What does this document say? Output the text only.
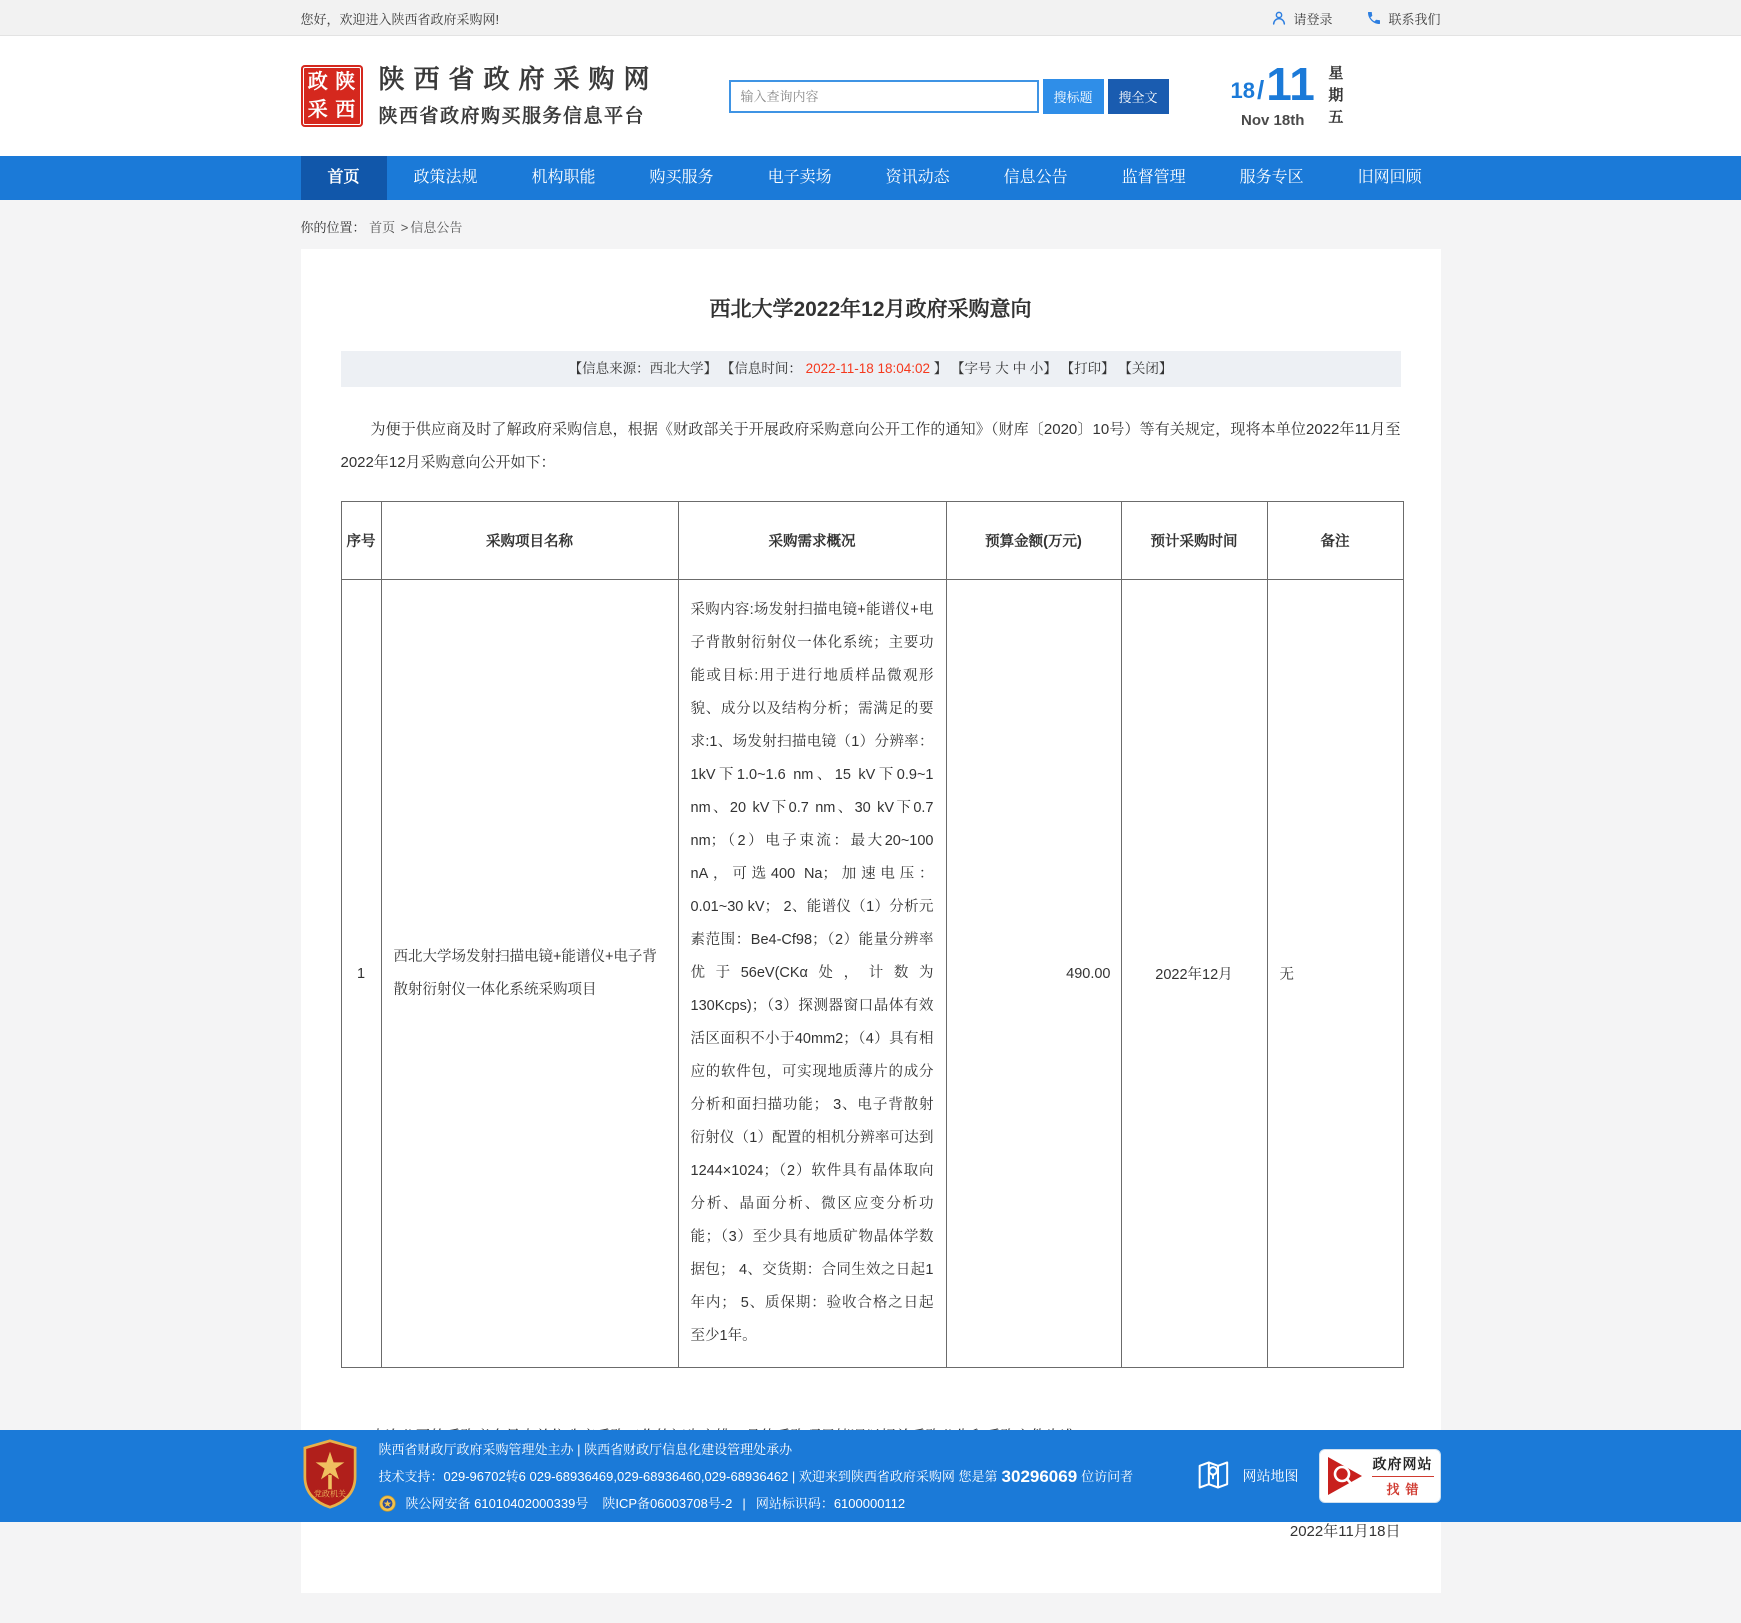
您好，欢迎进入陕西省政府采购网!	请登录	联系我们
政 陕
采 西
陕西省政府采购网
陕西省政府购买服务信息平台
输入查询内容
搜标题	搜全文	18 / 11
Nov 18th
星期五
首页	政策法规	机构职能	购买服务	电子卖场	资讯动态	信息公告	监督管理	服务专区	旧网回顾
你的位置： 首页 > 信息公告
西北大学2022年12月政府采购意向
【信息来源：西北大学】 【信息时间： 2022-11-18 18:04:02 】 【字号 大 中 小】 【打印】 【关闭】

为便于供应商及时了解政府采购信息，根据《财政部关于开展政府采购意向公开工作的通知》（财库〔2020〕10号）等有关规定，现将本单位2022年11月至2022年12月采购意向公开如下：

序号	采购项目名称	采购需求概况	预算金额(万元)	预计采购时间	备注
1	西北大学场发射扫描电镜+能谱仪+电子背散射衍射仪一体化系统采购项目	采购内容:场发射扫描电镜+能谱仪+电子背散射衍射仪一体化系统；主要功能或目标:用于进行地质样品微观形貌、成分以及结构分析；需满足的要求:1、场发射扫描电镜（1）分辨率：1kV下1.0~1.6 nm、15 kV下0.9~1 nm、20 kV下0.7 nm、30 kV下0.7 nm；（2）电子束流：最大20~100 nA，可选400 Na；加速电压：0.01~30 kV； 2、能谱仪（1）分析元素范围：Be4-Cf98；（2）能量分辨率优于56eV(CKα处，计数为130Kcps)；（3）探测器窗口晶体有效活区面积不小于40mm2；（4）具有相应的软件包，可实现地质薄片的成分分析和面扫描功能； 3、电子背散射衍射仪（1）配置的相机分辨率可达到1244×1024；（2）软件具有晶体取向分析、晶面分析、微区应变分析功能；（3）至少具有地质矿物晶体学数据包； 4、交货期：合同生效之日起1年内； 5、质保期：验收合格之日起至少1年。	490.00	2022年12月	无

2022年11月18日

党政机关
陕西省财政厅政府采购管理处主办 | 陕西省财政厅信息化建设管理处承办
技术支持：029-96702转6 029-68936469,029-68936460,029-68936462 | 欢迎来到陕西省政府采购网 您是第 30296069 位访问者
陕公网安备 61010402000339号 陕ICP备06003708号-2 | 网站标识码：6100000112
网站地图
政府网站
找错
